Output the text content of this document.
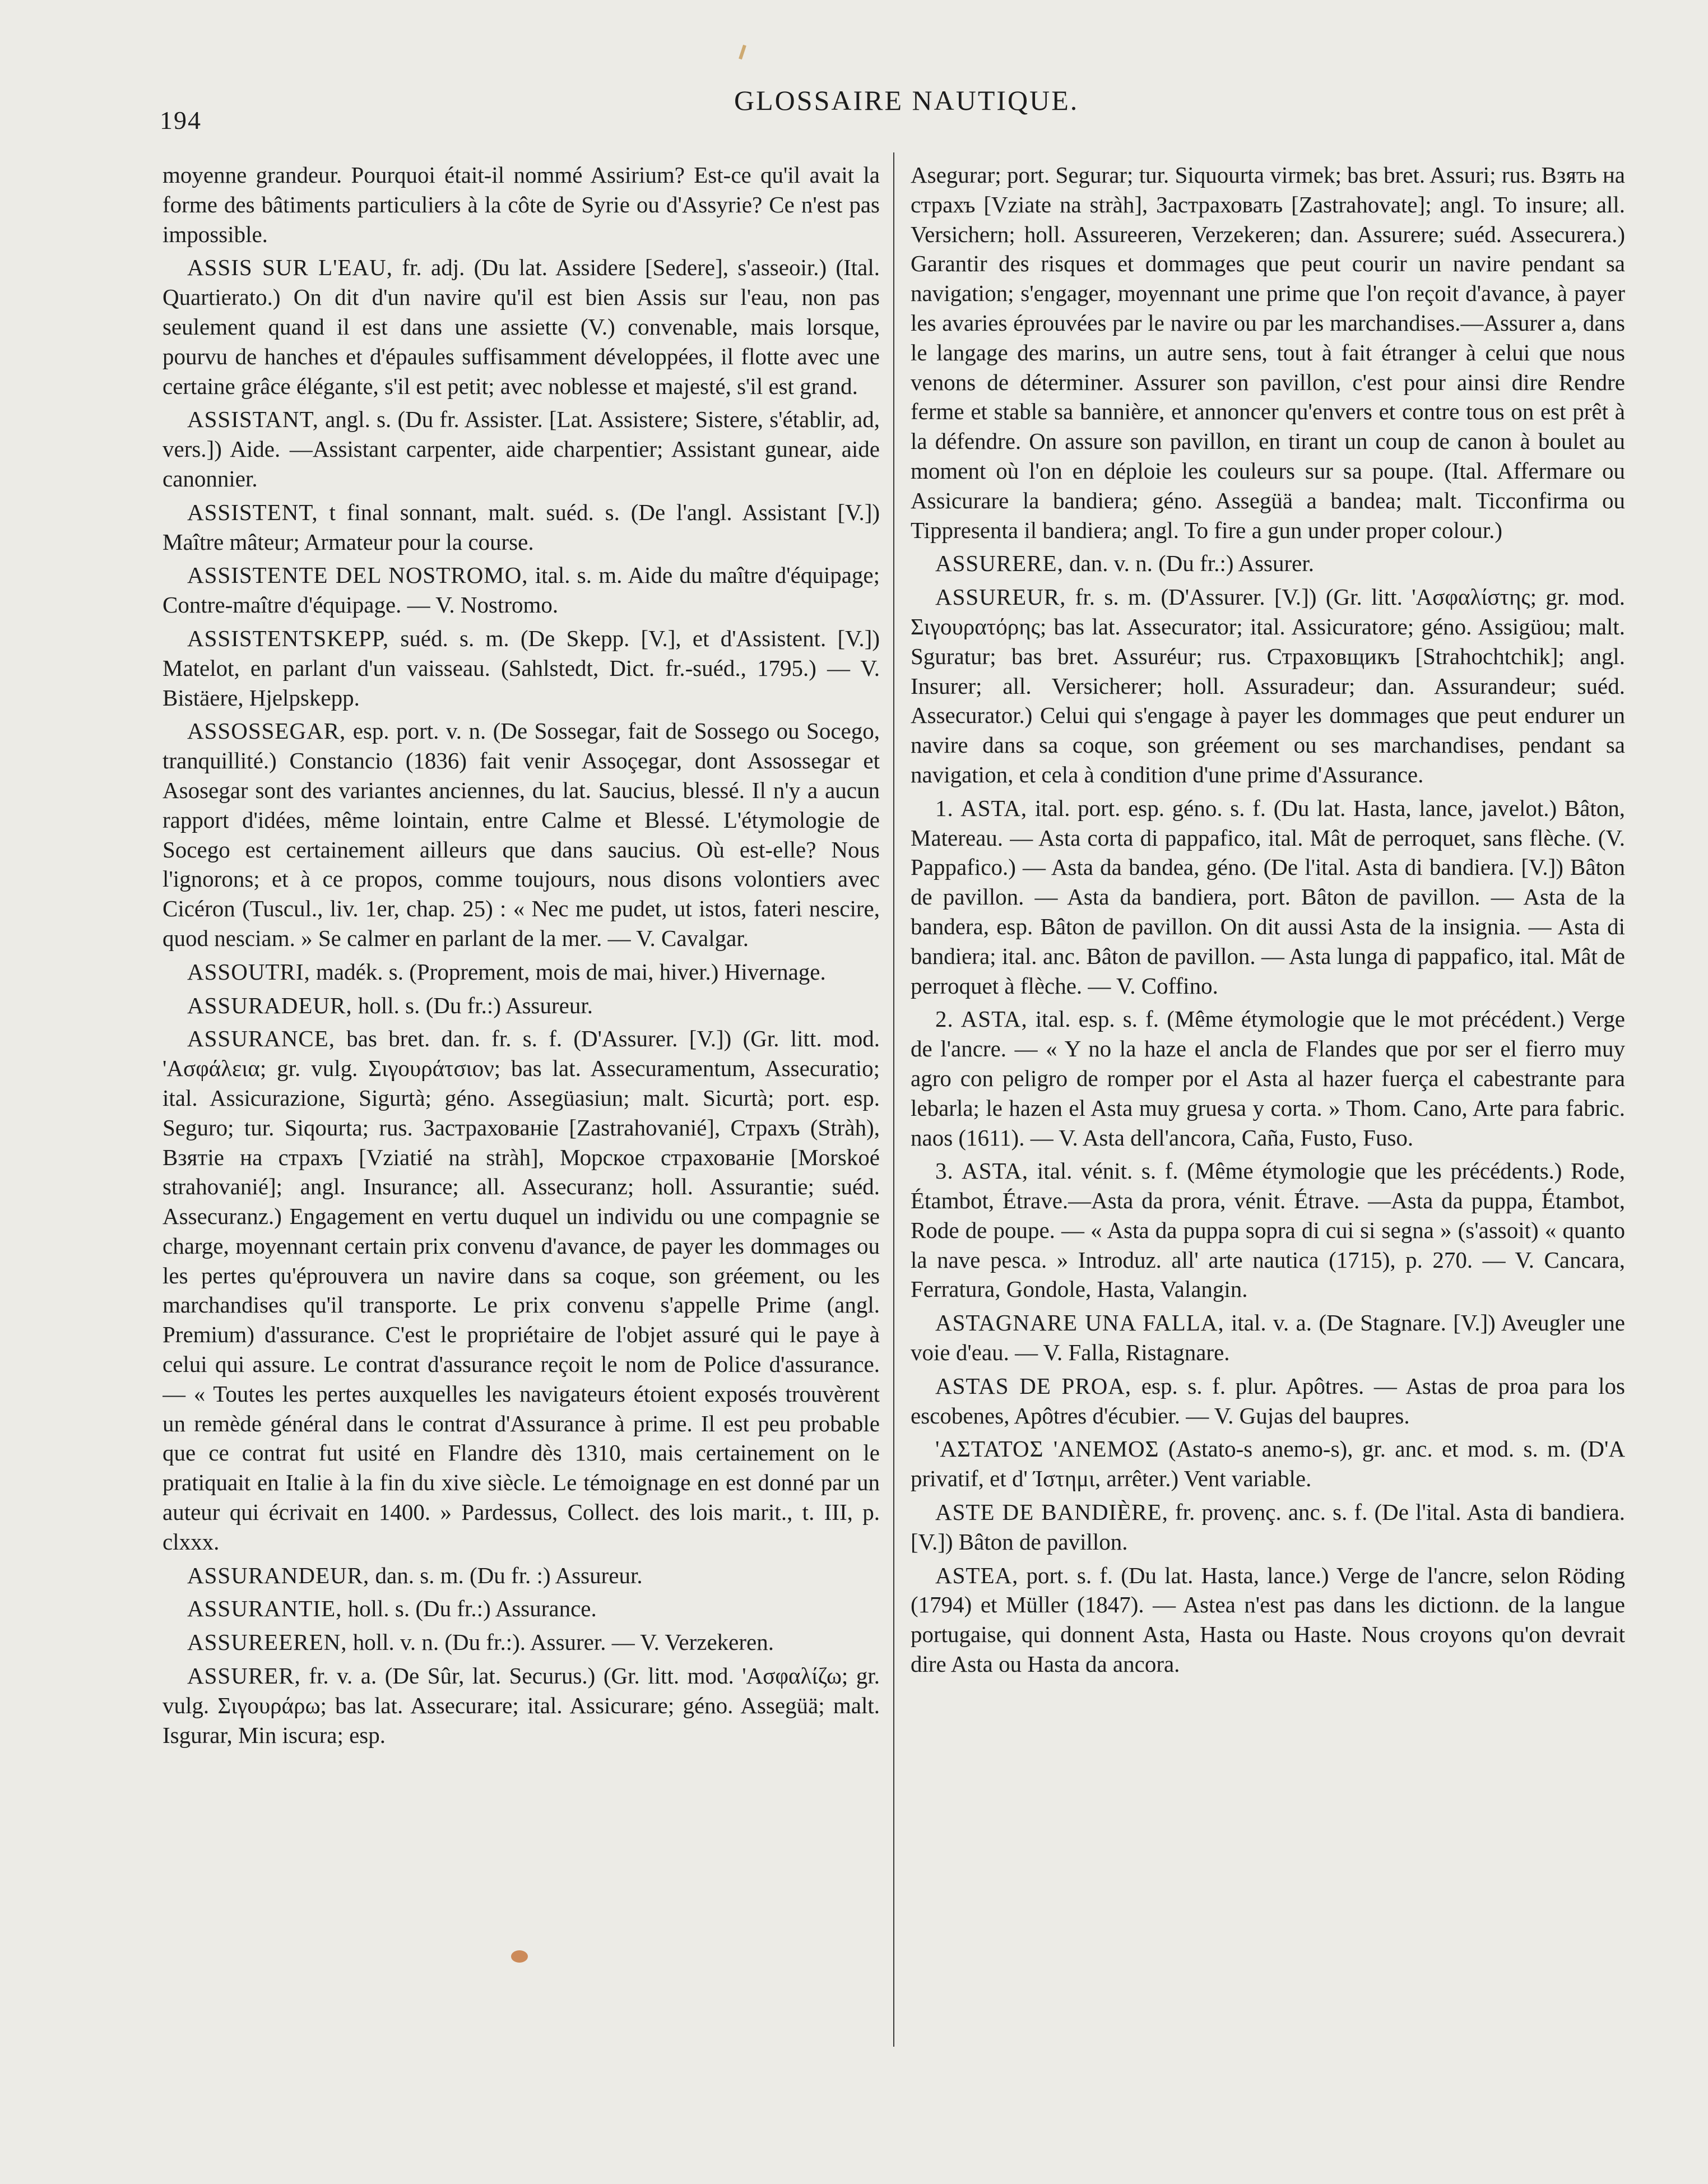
194
GLOSSAIRE NAUTIQUE.

moyenne grandeur. Pourquoi était-il nommé Assirium? Est-ce qu'il avait la forme des bâtiments particuliers à la côte de Syrie ou d'Assyrie? Ce n'est pas impossible.

ASSIS SUR L'EAU, fr. adj. (Du lat. Assidere [Sedere], s'asseoir.) (Ital. Quartierato.) On dit d'un navire qu'il est bien Assis sur l'eau, non pas seulement quand il est dans une assiette (V.) convenable, mais lorsque, pourvu de hanches et d'épaules suffisamment développées, il flotte avec une certaine grâce élégante, s'il est petit; avec noblesse et majesté, s'il est grand.

ASSISTANT, angl. s. (Du fr. Assister. [Lat. Assistere; Sistere, s'établir, ad, vers.]) Aide. —Assistant carpenter, aide charpentier; Assistant gunear, aide canonnier.

ASSISTENT, t final sonnant, malt. suéd. s. (De l'angl. Assistant [V.]) Maître mâteur; Armateur pour la course.

ASSISTENTE DEL NOSTROMO, ital. s. m. Aide du maître d'équipage; Contre-maître d'équipage. — V. Nostromo.

ASSISTENTSKEPP, suéd. s. m. (De Skepp. [V.], et d'Assistent. [V.]) Matelot, en parlant d'un vaisseau. (Sahlstedt, Dict. fr.-suéd., 1795.) — V. Bistäere, Hjelpskepp.

ASSOSSEGAR, esp. port. v. n. (De Sossegar, fait de Sossego ou Socego, tranquillité.) Constancio (1836) fait venir Assoçegar, dont Assossegar et Asosegar sont des variantes anciennes, du lat. Saucius, blessé. Il n'y a aucun rapport d'idées, même lointain, entre Calme et Blessé. L'étymologie de Socego est certainement ailleurs que dans saucius. Où est-elle? Nous l'ignorons; et à ce propos, comme toujours, nous disons volontiers avec Cicéron (Tuscul., liv. 1er, chap. 25) : « Nec me pudet, ut istos, fateri nescire, quod nesciam. » Se calmer en parlant de la mer. — V. Cavalgar.

ASSOUTRI, madék. s. (Proprement, mois de mai, hiver.) Hivernage.

ASSURADEUR, holl. s. (Du fr.:) Assureur.

ASSURANCE, bas bret. dan. fr. s. f. (D'Assurer. [V.]) (Gr. litt. mod. 'Ασφάλεια; gr. vulg. Σιγουράτσιον; bas lat. Assecuramentum, Assecuratio; ital. Assicurazione, Sigurtà; géno. Assegüasiun; malt. Sicurtà; port. esp. Seguro; tur. Siqourta; rus. Застрахованіе [Zastrahovanié], Страхъ (Stràh), Взятіе на страхъ [Vziatié na stràh], Морское страхованіе [Morskoé strahovanié]; angl. Insurance; all. Assecuranz; holl. Assurantie; suéd. Assecuranz.) Engagement en vertu duquel un individu ou une compagnie se charge, moyennant certain prix convenu d'avance, de payer les dommages ou les pertes qu'éprouvera un navire dans sa coque, son gréement, ou les marchandises qu'il transporte. Le prix convenu s'appelle Prime (angl. Premium) d'assurance. C'est le propriétaire de l'objet assuré qui le paye à celui qui assure. Le contrat d'assurance reçoit le nom de Police d'assurance. — « Toutes les pertes auxquelles les navigateurs étoient exposés trouvèrent un remède général dans le contrat d'Assurance à prime. Il est peu probable que ce contrat fut usité en Flandre dès 1310, mais certainement on le pratiquait en Italie à la fin du xive siècle. Le témoignage en est donné par un auteur qui écrivait en 1400. » Pardessus, Collect. des lois marit., t. III, p. clxxx.

ASSURANDEUR, dan. s. m. (Du fr. :) Assureur.

ASSURANTIE, holl. s. (Du fr.:) Assurance.

ASSUREEREN, holl. v. n. (Du fr.:). Assurer. — V. Verzekeren.

ASSURER, fr. v. a. (De Sûr, lat. Securus.) (Gr. litt. mod. 'Ασφαλίζω; gr. vulg. Σιγουράρω; bas lat. Assecurare; ital. Assicurare; géno. Assegüä; malt. Isgurar, Min iscura; esp.

Asegurar; port. Segurar; tur. Siquourta virmek; bas bret. Assuri; rus. Взять на страхъ [Vziate na stràh], Застраховать [Zastrahovate]; angl. To insure; all. Versichern; holl. Assureeren, Verzekeren; dan. Assurere; suéd. Assecurera.) Garantir des risques et dommages que peut courir un navire pendant sa navigation; s'engager, moyennant une prime que l'on reçoit d'avance, à payer les avaries éprouvées par le navire ou par les marchandises.—Assurer a, dans le langage des marins, un autre sens, tout à fait étranger à celui que nous venons de déterminer. Assurer son pavillon, c'est pour ainsi dire Rendre ferme et stable sa bannière, et annoncer qu'envers et contre tous on est prêt à la défendre. On assure son pavillon, en tirant un coup de canon à boulet au moment où l'on en déploie les couleurs sur sa poupe. (Ital. Affermare ou Assicurare la bandiera; géno. Assegüä a bandea; malt. Ticconfirma ou Tippresenta il bandiera; angl. To fire a gun under proper colour.)

ASSURERE, dan. v. n. (Du fr.:) Assurer.

ASSUREUR, fr. s. m. (D'Assurer. [V.]) (Gr. litt. 'Ασφαλίστης; gr. mod. Σιγουρατόρης; bas lat. Assecurator; ital. Assicuratore; géno. Assigüou; malt. Sguratur; bas bret. Assuréur; rus. Страховщикъ [Strahochtchik]; angl. Insurer; all. Versicherer; holl. Assuradeur; dan. Assurandeur; suéd. Assecurator.) Celui qui s'engage à payer les dommages que peut endurer un navire dans sa coque, son gréement ou ses marchandises, pendant sa navigation, et cela à condition d'une prime d'Assurance.

1. ASTA, ital. port. esp. géno. s. f. (Du lat. Hasta, lance, javelot.) Bâton, Matereau. — Asta corta di pappafico, ital. Mât de perroquet, sans flèche. (V. Pappafico.) — Asta da bandea, géno. (De l'ital. Asta di bandiera. [V.]) Bâton de pavillon. — Asta da bandiera, port. Bâton de pavillon. — Asta de la bandera, esp. Bâton de pavillon. On dit aussi Asta de la insignia. — Asta di bandiera; ital. anc. Bâton de pavillon. — Asta lunga di pappafico, ital. Mât de perroquet à flèche. — V. Coffino.

2. ASTA, ital. esp. s. f. (Même étymologie que le mot précédent.) Verge de l'ancre. — « Y no la haze el ancla de Flandes que por ser el fierro muy agro con peligro de romper por el Asta al hazer fuerça el cabestrante para lebarla; le hazen el Asta muy gruesa y corta. » Thom. Cano, Arte para fabric. naos (1611). — V. Asta dell'ancora, Caña, Fusto, Fuso.

3. ASTA, ital. vénit. s. f. (Même étymologie que les précédents.) Rode, Étambot, Étrave.—Asta da prora, vénit. Étrave. —Asta da puppa, Étambot, Rode de poupe. — « Asta da puppa sopra di cui si segna » (s'assoit) « quanto la nave pesca. » Introduz. all' arte nautica (1715), p. 270. — V. Cancara, Ferratura, Gondole, Hasta, Valangin.

ASTAGNARE UNA FALLA, ital. v. a. (De Stagnare. [V.]) Aveugler une voie d'eau. — V. Falla, Ristagnare.

ASTAS DE PROA, esp. s. f. plur. Apôtres. — Astas de proa para los escobenes, Apôtres d'écubier. — V. Gujas del baupres.

'ΑΣΤΑΤΟΣ 'ΑΝΕΜΟΣ (Astato-s anemo-s), gr. anc. et mod. s. m. (D'A privatif, et d' Ίστημι, arrêter.) Vent variable.

ASTE DE BANDIÈRE, fr. provenç. anc. s. f. (De l'ital. Asta di bandiera. [V.]) Bâton de pavillon.

ASTEA, port. s. f. (Du lat. Hasta, lance.) Verge de l'ancre, selon Röding (1794) et Müller (1847). — Astea n'est pas dans les dictionn. de la langue portugaise, qui donnent Asta, Hasta ou Haste. Nous croyons qu'on devrait dire Asta ou Hasta da ancora.
